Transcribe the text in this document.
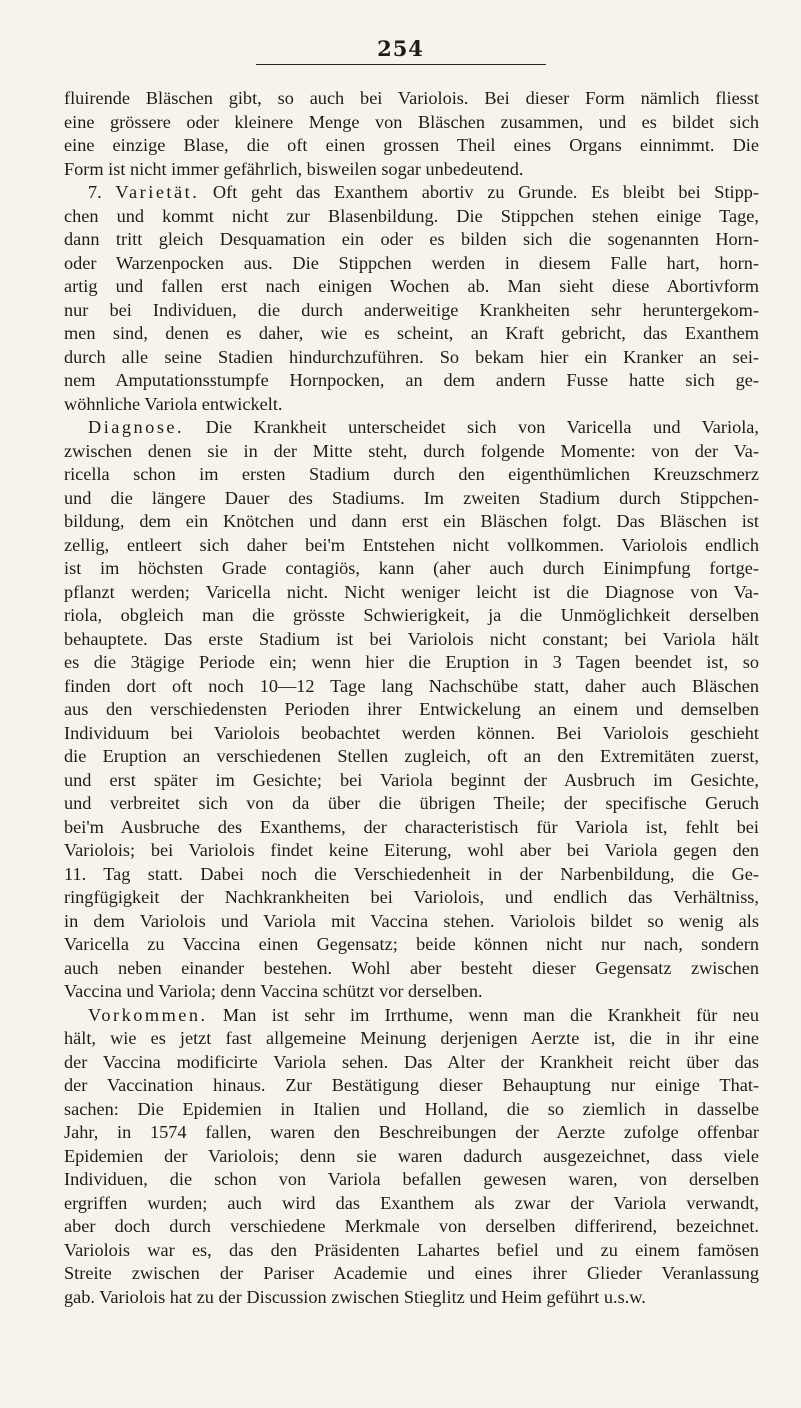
254
fluirende Bläschen gibt, so auch bei Variolois. Bei dieser Form nämlich fliesst
eine grössere oder kleinere Menge von Bläschen zusammen, und es bildet sich
eine einzige Blase, die oft einen grossen Theil eines Organs einnimmt. Die
Form ist nicht immer gefährlich, bisweilen sogar unbedeutend.
7. Varietät. Oft geht das Exanthem abortiv zu Grunde. Es bleibt bei Stipp-
chen und kommt nicht zur Blasenbildung. Die Stippchen stehen einige Tage,
dann tritt gleich Desquamation ein oder es bilden sich die sogenannten Horn-
oder Warzenpocken aus. Die Stippchen werden in diesem Falle hart, horn-
artig und fallen erst nach einigen Wochen ab. Man sieht diese Abortivform
nur bei Individuen, die durch anderweitige Krankheiten sehr heruntergekom-
men sind, denen es daher, wie es scheint, an Kraft gebricht, das Exanthem
durch alle seine Stadien hindurchzuführen. So bekam hier ein Kranker an sei-
nem Amputationsstumpfe Hornpocken, an dem andern Fusse hatte sich ge-
wöhnliche Variola entwickelt.
Diagnose. Die Krankheit unterscheidet sich von Varicella und Variola,
zwischen denen sie in der Mitte steht, durch folgende Momente: von der Va-
ricella schon im ersten Stadium durch den eigenthümlichen Kreuzschmerz
und die längere Dauer des Stadiums. Im zweiten Stadium durch Stippchen-
bildung, dem ein Knötchen und dann erst ein Bläschen folgt. Das Bläschen ist
zellig, entleert sich daher bei'm Entstehen nicht vollkommen. Variolois endlich
ist im höchsten Grade contagiös, kann (aher auch durch Einimpfung fortge-
pflanzt werden; Varicella nicht. Nicht weniger leicht ist die Diagnose von Va-
riola, obgleich man die grösste Schwierigkeit, ja die Unmöglichkeit derselben
behauptete. Das erste Stadium ist bei Variolois nicht constant; bei Variola hält
es die 3tägige Periode ein; wenn hier die Eruption in 3 Tagen beendet ist, so
finden dort oft noch 10—12 Tage lang Nachschübe statt, daher auch Bläschen
aus den verschiedensten Perioden ihrer Entwickelung an einem und demselben
Individuum bei Variolois beobachtet werden können. Bei Variolois geschieht
die Eruption an verschiedenen Stellen zugleich, oft an den Extremitäten zuerst,
und erst später im Gesichte; bei Variola beginnt der Ausbruch im Gesichte,
und verbreitet sich von da über die übrigen Theile; der specifische Geruch
bei'm Ausbruche des Exanthems, der characteristisch für Variola ist, fehlt bei
Variolois; bei Variolois findet keine Eiterung, wohl aber bei Variola gegen den
11. Tag statt. Dabei noch die Verschiedenheit in der Narbenbildung, die Ge-
ringfügigkeit der Nachkrankheiten bei Variolois, und endlich das Verhältniss,
in dem Variolois und Variola mit Vaccina stehen. Variolois bildet so wenig als
Varicella zu Vaccina einen Gegensatz; beide können nicht nur nach, sondern
auch neben einander bestehen. Wohl aber besteht dieser Gegensatz zwischen
Vaccina und Variola; denn Vaccina schützt vor derselben.
Vorkommen. Man ist sehr im Irrthume, wenn man die Krankheit für neu
hält, wie es jetzt fast allgemeine Meinung derjenigen Aerzte ist, die in ihr eine
der Vaccina modificirte Variola sehen. Das Alter der Krankheit reicht über das
der Vaccination hinaus. Zur Bestätigung dieser Behauptung nur einige That-
sachen: Die Epidemien in Italien und Holland, die so ziemlich in dasselbe
Jahr, in 1574 fallen, waren den Beschreibungen der Aerzte zufolge offenbar
Epidemien der Variolois; denn sie waren dadurch ausgezeichnet, dass viele
Individuen, die schon von Variola befallen gewesen waren, von derselben
ergriffen wurden; auch wird das Exanthem als zwar der Variola verwandt,
aber doch durch verschiedene Merkmale von derselben differirend, bezeichnet.
Variolois war es, das den Präsidenten Lahartes befiel und zu einem famösen
Streite zwischen der Pariser Academie und eines ihrer Glieder Veranlassung
gab. Variolois hat zu der Discussion zwischen Stieglitz und Heim geführt u.s.w.
